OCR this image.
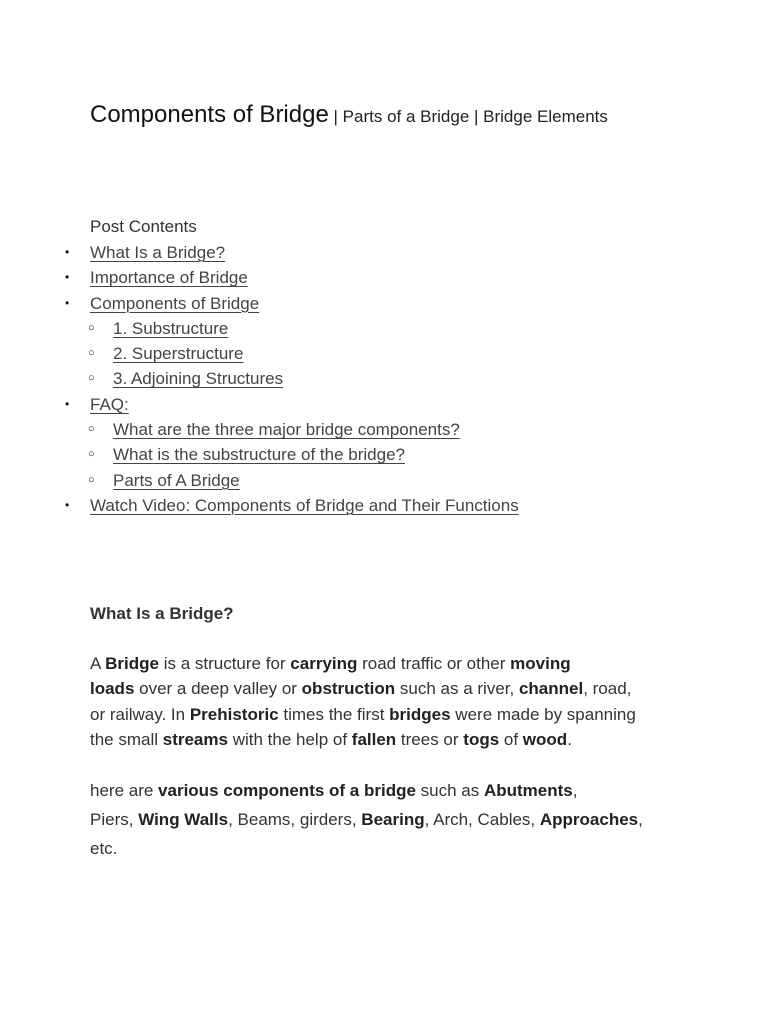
Components of Bridge | Parts of a Bridge | Bridge Elements
Post Contents
• What Is a Bridge?
• Importance of Bridge
• Components of Bridge
○ 1. Substructure
○ 2. Superstructure
○ 3. Adjoining Structures
• FAQ:
○ What are the three major bridge components?
○ What is the substructure of the bridge?
○ Parts of A Bridge
• Watch Video: Components of Bridge and Their Functions
What Is a Bridge?

A Bridge is a structure for carrying road traffic or other moving
loads over a deep valley or obstruction such as a river, channel, road,
or railway. In Prehistoric times the first bridges were made by spanning
the small streams with the help of fallen trees or togs of wood.

here are various components of a bridge such as Abutments,
Piers, Wing Walls, Beams, girders, Bearing, Arch, Cables, Approaches,
etc.
